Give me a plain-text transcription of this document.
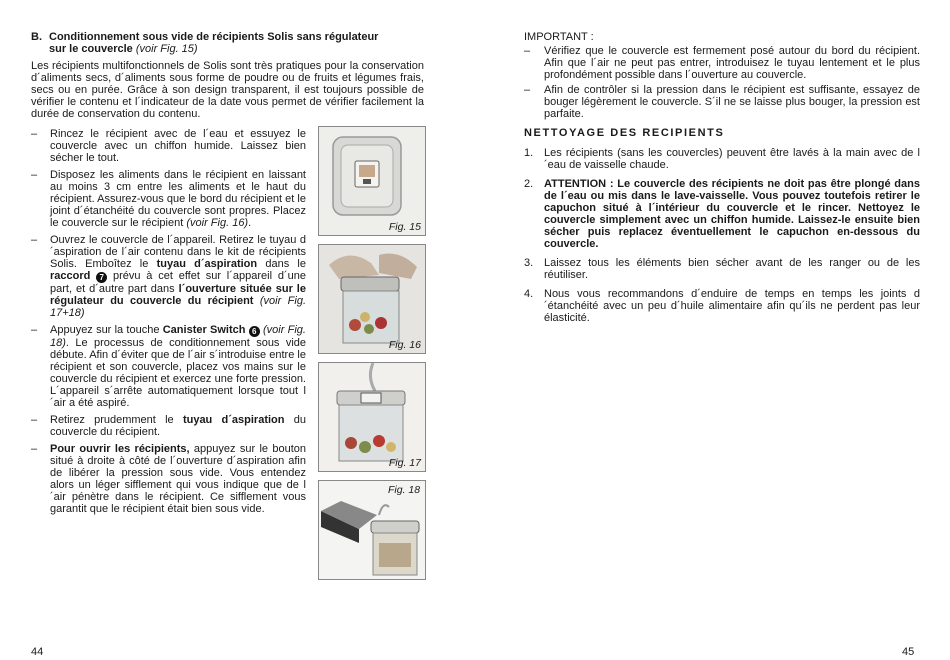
B. Conditionnement sous vide de récipients Solis sans régulateur
sur le couvercle (voir Fig. 15)
Les récipients multifonctionnels de Solis sont très pratiques pour la conservation d´aliments secs, d´aliments sous forme de poudre ou de fruits et légumes frais, secs ou en purée. Grâce à son design transparent, il est toujours possible de vérifier le contenu et l´indicateur de la date vous permet de vérifier facilement la durée de conservation du contenu.
– Rincez le récipient avec de l´eau et essuyez le couvercle avec un chiffon humide. Laissez bien sécher le tout.
– Disposez les aliments dans le récipient en laissant au moins 3 cm entre les aliments et le haut du récipient. Assurez-vous que le bord du récipient et le joint d´étanchéité du couvercle sont propres. Placez le couvercle sur le récipient (voir Fig. 16).
– Ouvrez le couvercle de l´appareil. Retirez le tuyau d´aspiration de l´air contenu dans le kit de récipients Solis. Emboîtez le tuyau d´aspiration dans le raccord 7 prévu à cet effet sur l´appareil d´une part, et d´autre part dans l´ouverture située sur le régulateur du couvercle du récipient (voir Fig. 17+18)
– Appuyez sur la touche Canister Switch 6 (voir Fig. 18). Le processus de conditionnement sous vide débute. Afin d´éviter que de l´air s´introduise entre le récipient et son couvercle, placez vos mains sur le couvercle du récipient et exercez une forte pression. L´appareil s´arrête automatiquement lorsque tout l´air a été aspiré.
– Retirez prudemment le tuyau d´aspiration du couvercle du récipient.
– Pour ouvrir les récipients, appuyez sur le bouton situé à droite à côté de l´ouverture d´aspiration afin de libérer la pression sous vide. Vous entendez alors un léger sifflement qui vous indique que de l´air pénètre dans le récipient. Ce sifflement vous garantit que le récipient était bien sous vide.
Fig. 15
Fig. 16
Fig. 17
Fig. 18
44
IMPORTANT :
– Vérifiez que le couvercle est fermement posé autour du bord du récipient. Afin que l´air ne peut pas entrer, introduisez le tuyau lentement et le plus profondément possible dans l´ouverture au couvercle.
– Afin de contrôler si la pression dans le récipient est suffisante, essayez de bouger légèrement le couvercle. S´il ne se laisse plus bouger, la pression est parfaite.
NETTOYAGE DES RECIPIENTS
1. Les récipients (sans les couvercles) peuvent être lavés à la main avec de l´eau de vaisselle chaude.
2. ATTENTION : Le couvercle des récipients ne doit pas être plongé dans de l´eau ou mis dans le lave-vaisselle. Vous pouvez toutefois retirer le capuchon situé à l´intérieur du couvercle et le rincer. Nettoyez le couvercle simplement avec un chiffon humide. Laissez-le ensuite bien sécher puis replacez éventuellement le capuchon en-dessous du couvercle.
3. Laissez tous les éléments bien sécher avant de les ranger ou de les réutiliser.
4. Nous vous recommandons d´enduire de temps en temps les joints d´étanchéité avec un peu d´huile alimentaire afin qu´ils ne perdent pas leur élasticité.
45
